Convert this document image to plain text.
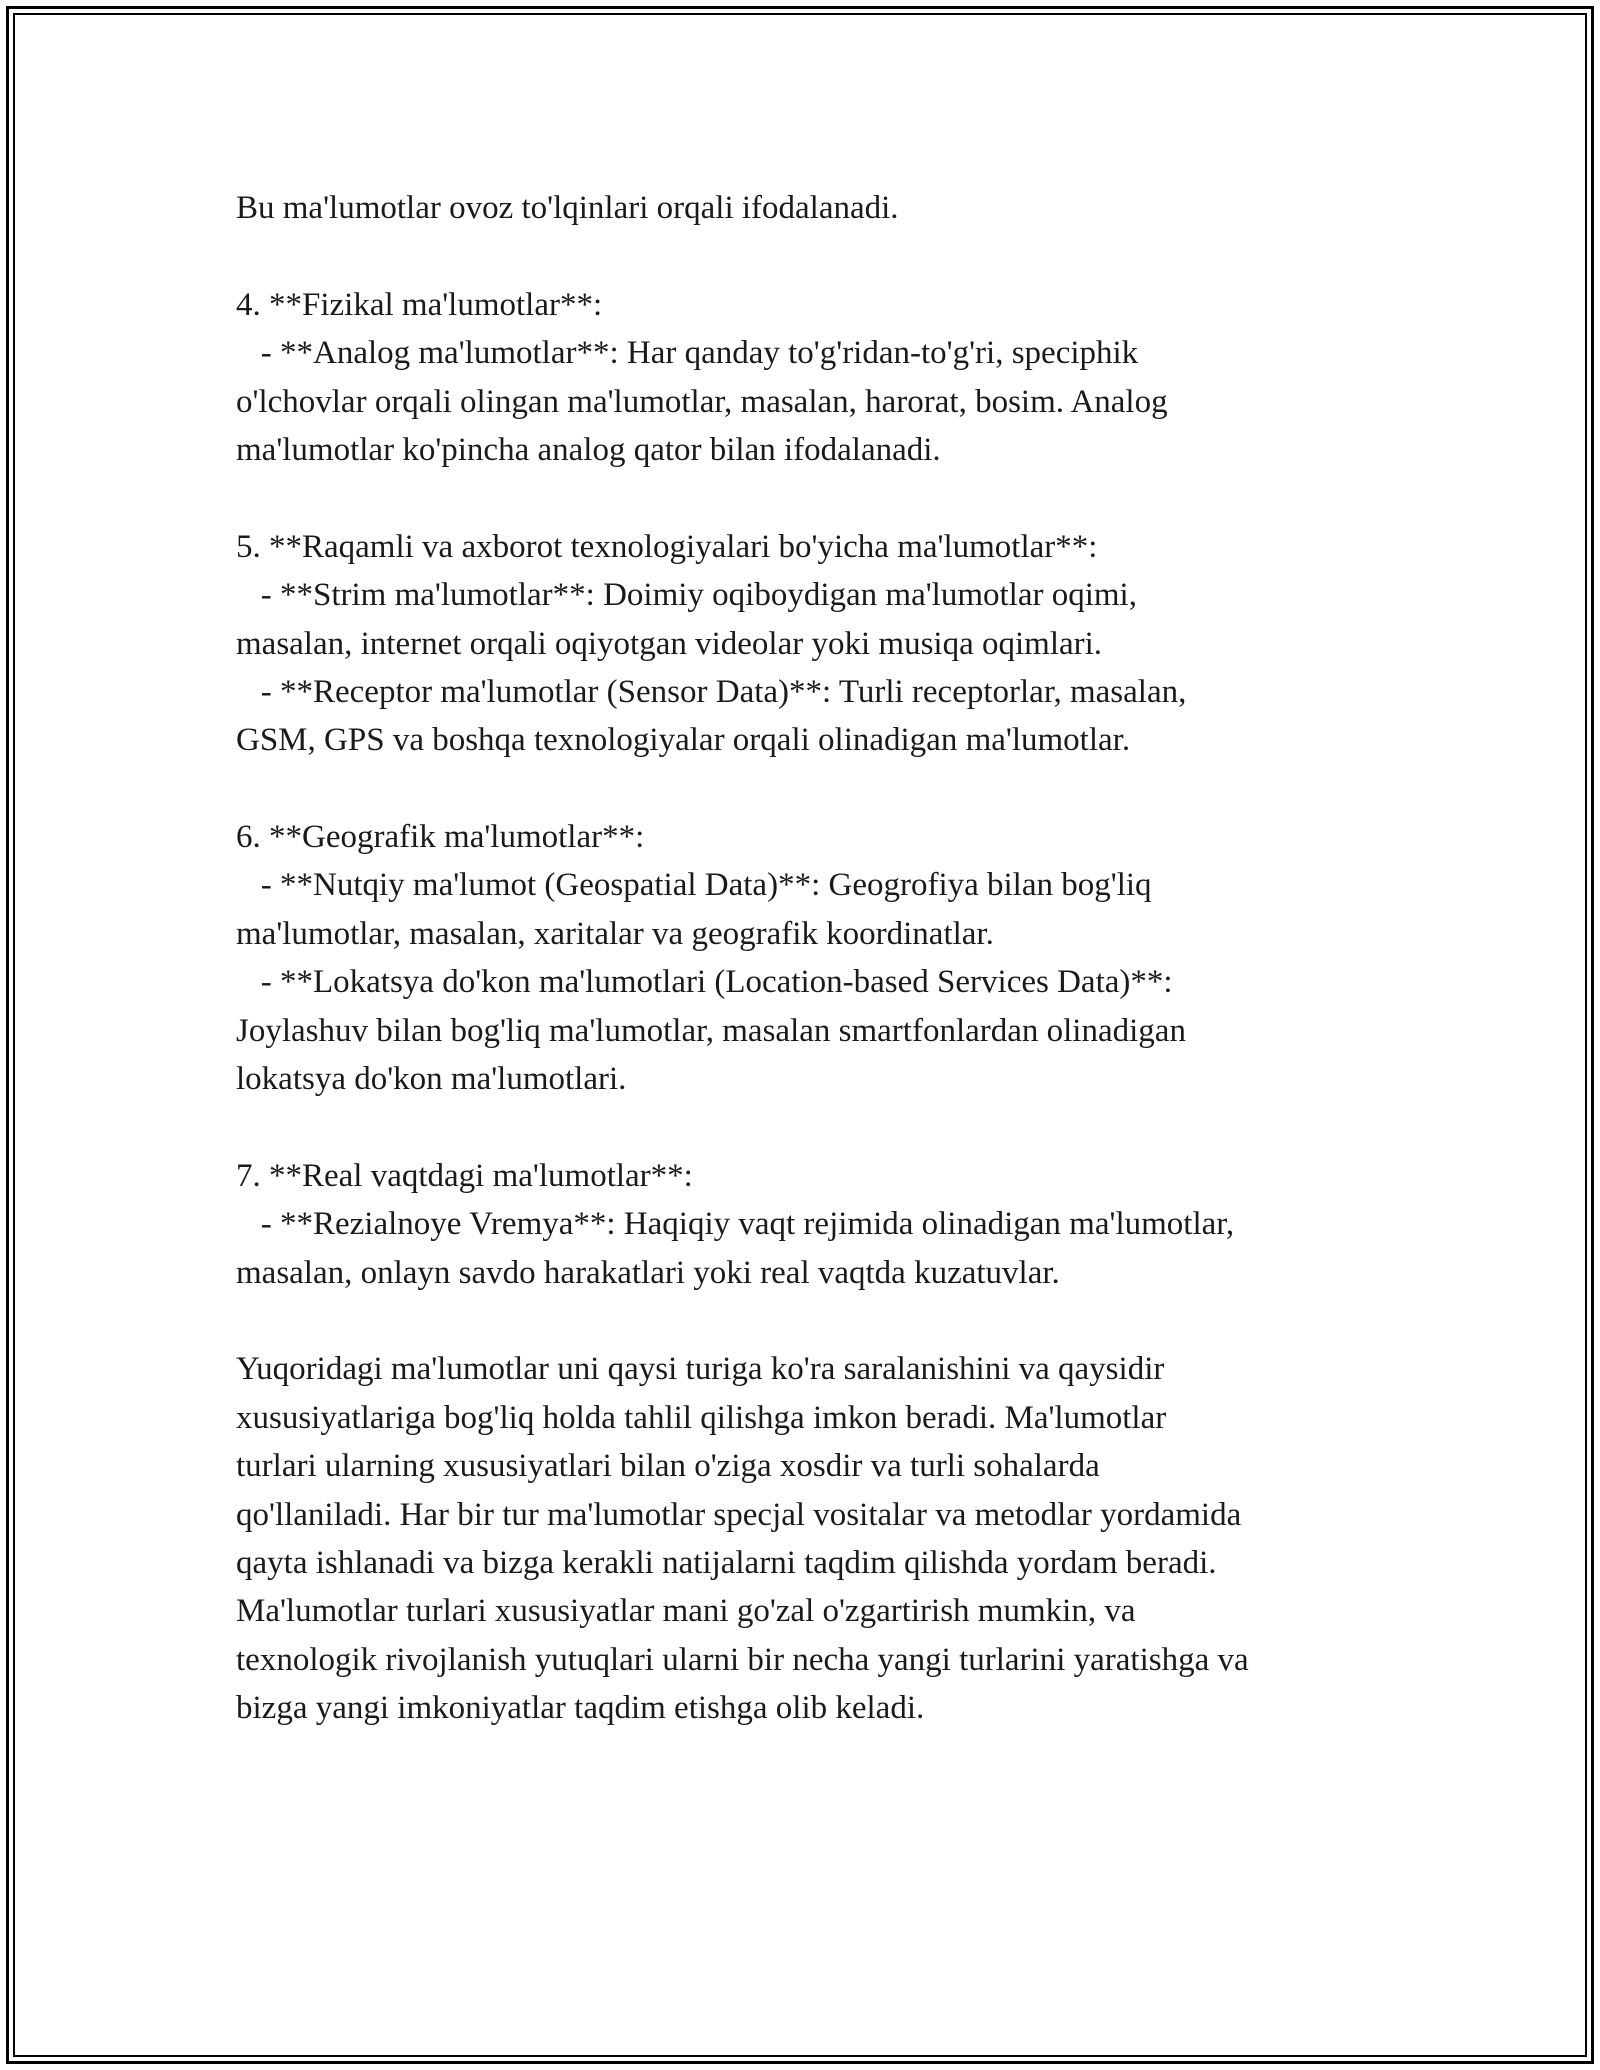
Bu ma'lumotlar ovoz to'lqinlari orqali ifodalanadi.
4. **Fizikal ma'lumotlar**:
- **Analog ma'lumotlar**: Har qanday to'g'ridan-to'g'ri, speciphik
o'lchovlar orqali olingan ma'lumotlar, masalan, harorat, bosim. Analog
ma'lumotlar ko'pincha analog qator bilan ifodalanadi.
5. **Raqamli va axborot texnologiyalari bo'yicha ma'lumotlar**:
- **Strim ma'lumotlar**: Doimiy oqiboydigan ma'lumotlar oqimi,
masalan, internet orqali oqiyotgan videolar yoki musiqa oqimlari.
- **Receptor ma'lumotlar (Sensor Data)**: Turli receptorlar, masalan,
GSM, GPS va boshqa texnologiyalar orqali olinadigan ma'lumotlar.
6. **Geografik ma'lumotlar**:
- **Nutqiy ma'lumot (Geospatial Data)**: Geogrofiya bilan bog'liq
ma'lumotlar, masalan, xaritalar va geografik koordinatlar.
- **Lokatsya do'kon ma'lumotlari (Location-based Services Data)**:
Joylashuv bilan bog'liq ma'lumotlar, masalan smartfonlardan olinadigan
lokatsya do'kon ma'lumotlari.
7. **Real vaqtdagi ma'lumotlar**:
- **Rezialnoye Vremya**: Haqiqiy vaqt rejimida olinadigan ma'lumotlar,
masalan, onlayn savdo harakatlari yoki real vaqtda kuzatuvlar.
Yuqoridagi ma'lumotlar uni qaysi turiga ko'ra saralanishini va qaysidir
xususiyatlariga bog'liq holda tahlil qilishga imkon beradi. Ma'lumotlar
turlari ularning xususiyatlari bilan o'ziga xosdir va turli sohalarda
qo'llaniladi. Har bir tur ma'lumotlar specjal vositalar va metodlar yordamida
qayta ishlanadi va bizga kerakli natijalarni taqdim qilishda yordam beradi.
Ma'lumotlar turlari xususiyatlar mani go'zal o'zgartirish mumkin, va
texnologik rivojlanish yutuqlari ularni bir necha yangi turlarini yaratishga va
bizga yangi imkoniyatlar taqdim etishga olib keladi.
